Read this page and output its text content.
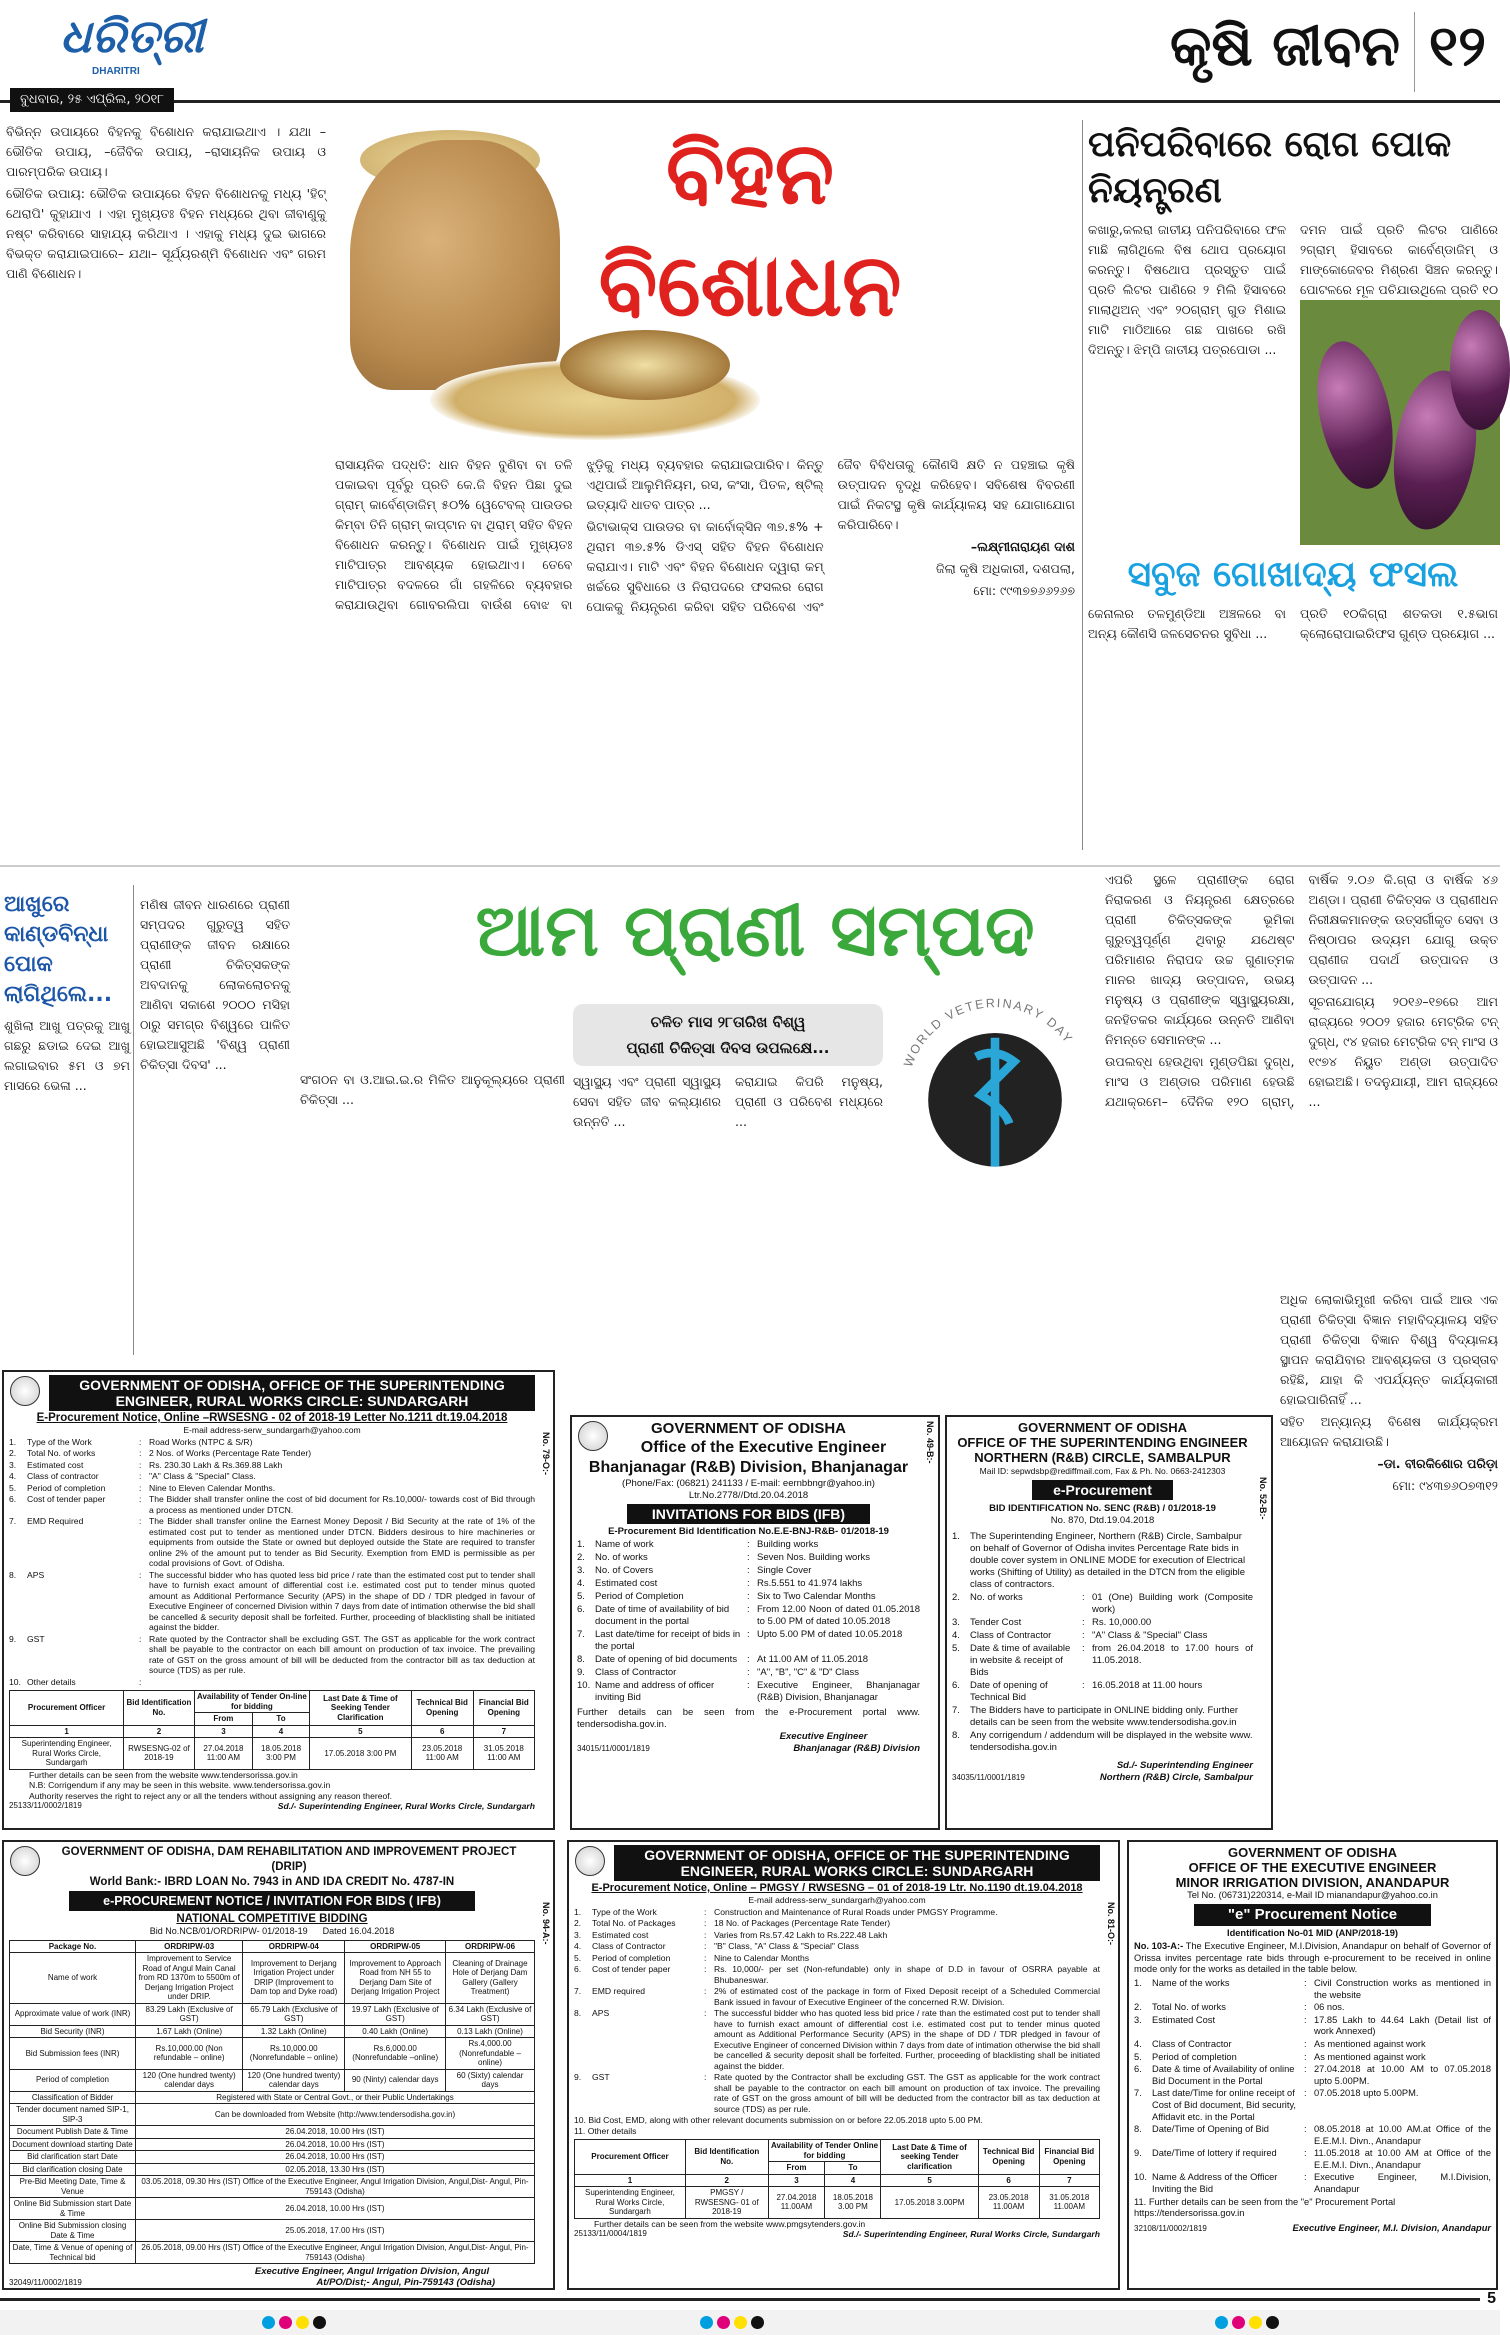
ଧରିତ୍ରୀ
DHARITRI
ବୁଧବାର, ୨୫ ଏପ୍ରିଲ, ୨୦୧୮
କୃଷି ଜୀବନ ୧୨

ବିଭିନ୍ନ ଉପାୟରେ ବିହନକୁ ବିଶୋଧନ କରାଯାଇଥାଏ । ଯଥା –ଭୌତିକ ଉପାୟ, –ଜୈବିକ ଉପାୟ, –ରାସାୟନିକ ଉପାୟ ଓ ପାରମ୍ପରିକ ଉପାୟ।

ଭୌତିକ ଉପାୟ: ଭୌତିକ ଉପାୟରେ ବିହନ ବିଶୋଧନକୁ ମଧ୍ୟ 'ହିଟ୍ ଥେରାପି' କୁହାଯାଏ । ଏହା ମୁଖ୍ୟତଃ ବିହନ ମଧ୍ୟରେ ଥିବା ଜୀବାଣୁକୁ ନଷ୍ଟ କରିବାରେ ସାହାଯ୍ୟ କରିଥାଏ । ଏହାକୁ ମଧ୍ୟ ଦୁଇ ଭାଗରେ ବିଭକ୍ତ କରାଯାଇପାରେ– ଯଥା– ସୂର୍ଯ୍ୟରଶ୍ମି ବିଶୋଧନ ଏବଂ ଗରମ ପାଣି ବିଶୋଧନ।

ବିହନ
ବିଶୋଧନ

ରାସାୟନିକ ପଦ୍ଧତି: ଧାନ ବିହନ ବୁଣିବା ବା ତଳି ପକାଇବା ପୂର୍ବରୁ ପ୍ରତି କେ.ଜି ବିହନ ପିଛା ଦୁଇ ଗ୍ରାମ୍ କାର୍ବେଣ୍ଡାଜିମ୍ ୫୦% ୱେଟେବଲ୍ ପାଉଡର କିମ୍ବା ତିନି ଗ୍ରାମ୍ କାପ୍ଟାନ ବା ଥିରାମ୍ ସହିତ ବିହନ ବିଶୋଧନ କରନ୍ତୁ। ବିଶୋଧନ ପାଇଁ ମୁଖ୍ୟତଃ ମାଟିପାତ୍ର ଆବଶ୍ୟକ ହୋଇଥାଏ। ତେବେ ମାଟିପାତ୍ର ବଦଳରେ ଗାଁ ଗହଳିରେ ବ୍ୟବହାର କରାଯାଉଥିବା ଗୋବରଲିପା ବାଉଁଶ ବୋଝ ବା ଝୁଡ଼ିକୁ ମଧ୍ୟ ବ୍ୟବହାର କରାଯାଇପାରିବ। କିନ୍ତୁ ଏଥିପାଇଁ ଆଲୁମିନିୟମ, ରସ, କଂସା, ପିତଳ, ଷ୍ଟିଲ୍ ଇତ୍ୟାଦି ଧାତବ ପାତ୍ର ...

ଭିଟାଭାକ୍ସ ପାଉଡର ବା କାର୍ବୋକ୍ସିନ ୩୭.୫% + ଥିରାମ ୩୭.୫% ଡିଏସ୍ ସହିତ ବିହନ ବିଶୋଧନ କରାଯାଏ। ମାଟି ଏବଂ ବିହନ ବିଶୋଧନ ଦ୍ୱାରା କମ୍ ଖର୍ଚ୍ଚରେ ସୁବିଧାରେ ଓ ନିରାପଦରେ ଫସଲର ରୋଗ ପୋକକୁ ନିୟନ୍ତ୍ରଣ କରିବା ସହିତ ପରିବେଶ ଏବଂ ଜୈବ ବିବିଧତାକୁ କୌଣସି କ୍ଷତି ନ ପହଞ୍ଚାଇ କୃଷି ଉତ୍ପାଦନ ବୃଦ୍ଧି କରିହେବ। ସବିଶେଷ ବିବରଣୀ ପାଇଁ ନିକଟସ୍ଥ କୃଷି କାର୍ଯ୍ୟାଳୟ ସହ ଯୋଗାଯୋଗ କରିପାରିବେ।

–ଲକ୍ଷ୍ମୀନାରାୟଣ ଦାଶ

ଜିଲା କୃଷି ଅଧିକାରୀ, ଦଶପଲା,

ମୋ: ୯୯୩୭୭୬୬୨୬୭

ପନିପରିବାରେ ରୋଗ ପୋକ ନିୟନ୍ତ୍ରଣ

କଖାରୁ,କଲରା ଜାତୀୟ ପନିପରିବାରେ ଫଳ ମାଛି ଲାଗିଥିଲେ ବିଷ ଥୋପ ପ୍ରୟୋଗ କରନ୍ତୁ। ବିଷଥୋପ ପ୍ରସ୍ତୁତ ପାଇଁ ପ୍ରତି ଲିଟର ପାଣିରେ ୨ ମିଲି ହିସାବରେ ମାଲାଥିଅନ୍ ଏବଂ ୨୦ଗ୍ରାମ୍ ଗୁଡ ମିଶାଇ ମାଟି ମାଠିଆରେ ଗଛ ପାଖରେ ରଖି ଦିଅନ୍ତୁ। ଝିମ୍ପି ଜାତୀୟ ପତ୍ରପୋଡା ...

ଦମନ ପାଇଁ ପ୍ରତି ଲିଟର ପାଣିରେ ୨ଗ୍ରାମ୍ ହିସାବରେ କାର୍ବେଣ୍ଡାଜିମ୍ ଓ ମାଙ୍କୋଜେବର ମିଶ୍ରଣ ସିଞ୍ଚନ କରନ୍ତୁ। ପୋଟଳରେ ମୂଳ ପଚିଯାଉଥିଲେ ପ୍ରତି ୧୦

ସବୁଜ ଗୋଖାଦ୍ୟ ଫସଲ

କେନାଲର ତଳମୁଣ୍ଡିଆ ଅଞ୍ଚଳରେ ବା ଅନ୍ୟ କୌଣସି ଜଳସେଚନର ସୁବିଧା ...

ପ୍ରତି ୧୦କିଗ୍ରା ଶତକଡା ୧.୫ଭାଗ କ୍ଲୋରୋପାଇରିଫସ ଗୁଣ୍ଡ ପ୍ରୟୋଗ ...

ଆଖୁରେ କାଣ୍ଡବିନ୍ଧା ପୋକ ଲାଗିଥିଲେ...

ଶୁଖିଲା ଆଖୁ ପତ୍ରକୁ ଆଖୁ ଗଛରୁ ଛଡାଇ ଦେଇ ଆଖୁ ଲଗାଇବାର ୫ମ ଓ ୭ମ ମାସରେ ଭେଳା ...

ମଣିଷ ଜୀବନ ଧାରଣରେ ପ୍ରାଣୀ ସମ୍ପଦର ଗୁରୁତ୍ୱ ସହିତ ପ୍ରାଣୀଙ୍କ ଜୀବନ ରକ୍ଷାରେ ପ୍ରାଣୀ ଚିକିତ୍ସକଙ୍କ ଅବଦାନକୁ ଲୋକଲୋଚନକୁ ଆଣିବା ସକାଶେ ୨୦୦୦ ମସିହା ଠାରୁ ସମଗ୍ର ବିଶ୍ୱରେ ପାଳିତ ହୋଇଆସୁଅଛି 'ବିଶ୍ୱ ପ୍ରାଣୀ ଚିକିତ୍ସା ଦିବସ' ...

ଆମ ପ୍ରାଣୀ ସମ୍ପଦ

ସଂଗଠନ ବା ଓ.ଆଇ.ଇ.ର ମିଳିତ ଆନୁକୂଲ୍ୟରେ ପ୍ରାଣୀ ଚିକିତ୍ସା ...

ଚଳିତ ମାସ ୨୮ତାରିଖ ବିଶ୍ୱ
ପ୍ରାଣୀ ଚିକିତ୍ସା ଦିବସ ଉପଲକ୍ଷେ...

ସ୍ୱାସ୍ଥ୍ୟ ଏବଂ ପ୍ରାଣୀ ସ୍ୱାସ୍ଥ୍ୟ ସେବା ସହିତ ଜୀବ କଲ୍ୟାଣର ଉନ୍ନତି ...

କରାଯାଇ କିପରି ମନୁଷ୍ୟ, ପ୍ରାଣୀ ଓ ପରିବେଶ ମଧ୍ୟରେ ...

WORLD VETERINARY DAY

ଏପରି ସ୍ଥଳେ ପ୍ରାଣୀଙ୍କ ରୋଗ ନିରାକରଣ ଓ ନିୟନ୍ତ୍ରଣ କ୍ଷେତ୍ରରେ ପ୍ରାଣୀ ଚିକିତ୍ସକଙ୍କ ଭୂମିକା ଗୁରୁତ୍ୱପୂର୍ଣ୍ଣ ଥିବାରୁ ଯଥେଷ୍ଟ ପରିମାଣର ନିରାପଦ ଉଚ୍ଚ ଗୁଣାତ୍ମକ ମାନର ଖାଦ୍ୟ ଉତ୍ପାଦନ, ଉଭୟ ମନୁଷ୍ୟ ଓ ପ୍ରାଣୀଙ୍କ ସ୍ୱାସ୍ଥ୍ୟରକ୍ଷା, ଜନହିତକର କାର୍ଯ୍ୟରେ ଉନ୍ନତି ଆଣିବା ନିମନ୍ତେ ସେମାନଙ୍କ ...

ଉପଲବ୍ଧ ହେଉଥିବା ମୁଣ୍ଡପିଛା ଦୁଗ୍ଧ, ମାଂସ ଓ ଅଣ୍ଡାର ପରିମାଣ ହେଉଛି ଯଥାକ୍ରମେ– ଦୈନିକ ୧୨୦ ଗ୍ରାମ୍, ବାର୍ଷିକ ୨.୦୬ କି.ଗ୍ରା ଓ ବାର୍ଷିକ ୪୬ ଅଣ୍ଡା। ପ୍ରାଣୀ ଚିକିତ୍ସକ ଓ ପ୍ରାଣୀଧନ ନିରୀକ୍ଷକମାନଙ୍କ ଉତ୍ସର୍ଗୀକୃତ ସେବା ଓ ନିଷ୍ଠାପର ଉଦ୍ୟମ ଯୋଗୁ ଉକ୍ତ ପ୍ରାଣୀଜ ପଦାର୍ଥ ଉତ୍ପାଦନ ଓ ଉତ୍ପାଦନ ...

ସୂଚନାଯୋଗ୍ୟ ୨୦୧୬–୧୭ରେ ଆମ ରାଜ୍ୟରେ ୨୦୦୨ ହଜାର ମେଟ୍ରିକ ଟନ୍ ଦୁଗ୍ଧ, ୯୪ ହଜାର ମେଟ୍ରିକ ଟନ୍ ମାଂସ ଓ ୧୯୭୪ ନିୟୁତ ଅଣ୍ଡା ଉତ୍ପାଦିତ ହୋଇଅଛି। ତଦନୁଯାୟୀ, ଆମ ରାଜ୍ୟରେ ...

ଅଧିକ ଲୋକାଭିମୁଖୀ କରିବା ପାଇଁ ଆଉ ଏକ ପ୍ରାଣୀ ଚିକିତ୍ସା ବିଜ୍ଞାନ ମହାବିଦ୍ୟାଳୟ ସହିତ ପ୍ରାଣୀ ଚିକିତ୍ସା ବିଜ୍ଞାନ ବିଶ୍ୱ ବିଦ୍ୟାଳୟ ସ୍ଥାପନ କରାଯିବାର ଆବଶ୍ୟକତା ଓ ପ୍ରସ୍ତାବ ରହିଛି, ଯାହା କି ଏପର୍ଯ୍ୟନ୍ତ କାର୍ଯ୍ୟକାରୀ ହୋଇପାରିନାହିଁ ...

ସହିତ ଅନ୍ୟାନ୍ୟ ବିଶେଷ କାର୍ଯ୍ୟକ୍ରମ ଆୟୋଜନ କରାଯାଉଛି।

–ଡା. ବୀରକିଶୋର ପରିଡ଼ା

ମୋ: ୯୪୩୭୬୦୭୩୧୨

GOVERNMENT OF ODISHA, OFFICE OF THE SUPERINTENDING ENGINEER, RURAL WORKS CIRCLE: SUNDARGARH
E-Procurement Notice, Online –RWSESNG - 02 of 2018-19 Letter No.1211 dt.19.04.2018
E-mail address-serw_sundargarh@yahoo.com
No. 79-O:-
1.	Type of the Work	: Road Works (NTPC & S/R)
2.	Total No. of works	: 2 Nos. of Works (Percentage Rate Tender)
3.	Estimated cost	: Rs. 230.30 Lakh & Rs.369.88 Lakh
4.	Class of contractor	: "A" Class & "Special" Class.
5.	Period of completion	: Nine to Eleven Calendar Months.
6.	Cost of tender paper	: The Bidder shall transfer online the cost of bid document for Rs.10,000/- towards cost of Bid through a process as mentioned under DTCN.
7.	EMD Required	: The Bidder shall transfer online the Earnest Money Deposit / Bid Security at the rate of 1% of the estimated cost put to tender as mentioned under DTCN. Bidders desirous to hire machineries or equipments from outside the State or owned but deployed outside the State are required to transfer online 2% of the amount put to tender as Bid Security. Exemption from EMD is permissible as per codal provisions of Govt. of Odisha.
8.	APS	: The successful bidder who has quoted less bid price / rate than the estimated cost put to tender shall have to furnish exact amount of differential cost i.e. estimated cost put to tender minus quoted amount as Additional Performance Security (APS) in the shape of DD / TDR pledged in favour of Executive Engineer of concerned Division within 7 days from date of intimation otherwise the bid shall be cancelled & security deposit shall be forfeited. Further, proceeding of blacklisting shall be initiated against the bidder.
9.	GST	: Rate quoted by the Contractor shall be excluding GST. The GST as applicable for the work contract shall be payable to the contractor on each bill amount on production of tax invoice. The prevailing rate of GST on the gross amount of bill will be deducted from the contractor bill as tax deduction at source (TDS) as per rule.
10. Other details	:
Procurement Officer	Bid Identification No.	Availability of Tender On-line for bidding		Last Date & Time of Seeking Tender Clarification	Technical Bid Opening	Financial Bid Opening
		From	To			
1	2	3	4	5	6	7
Superintending Engineer, Rural Works Circle, Sundargarh	RWSESNG-02 of 2018-19	27.04.2018 11:00 AM	18.05.2018 3:00 PM	17.05.2018 3:00 PM	23.05.2018 11:00 AM	31.05.2018 11:00 AM
Further details can be seen from the website www.tendersorissa.gov.in
N.B: Corrigendum if any may be seen in this website. www.tendersorissa.gov.in
Authority reserves the right to reject any or all the tenders without assigning any reason thereof.
25133/11/0002/1819	Sd./- Superintending Engineer, Rural Works Circle, Sundargarh
GOVERNMENT OF ODISHA
Office of the Executive Engineer
Bhanjanagar (R&B) Division, Bhanjanagar
(Phone/Fax: (06821) 241133 / E-mail: eernbbngr@yahoo.in)
Ltr.No.2778//Dtd.20.04.2018
INVITATIONS FOR BIDS (IFB)
E-Procurement Bid Identification No.E.E-BNJ-R&B- 01/2018-19
No. 49-B:-
1.	Name of work	: Building works
2.	No. of works	: Seven Nos. Building works
3.	No. of Covers	: Single Cover
4.	Estimated cost	: Rs.5.551 to 41.974 lakhs
5.	Period of Completion	: Six to Two Calendar Months
6.	Date of time of availability of bid document in the portal
: From 12.00 Noon of dated 01.05.2018 to 5.00 PM of dated 10.05.2018
7.	Last date/time for receipt of bids in the portal
: Upto 5.00 PM of dated 10.05.2018
8.	Date of opening of bid documents	: At 11.00 AM of 11.05.2018
9.	Class of Contractor	: "A", "B", "C" & "D" Class
10. Name and address of officer inviting Bid
: Executive Engineer, Bhanjanagar (R&B) Division, Bhanjanagar
Further details can be seen from the e-Procurement portal www. tendersodisha.gov.in.
Executive Engineer
34015/11/0001/1819	Bhanjanagar (R&B) Division
GOVERNMENT OF ODISHA
OFFICE OF THE SUPERINTENDING ENGINEER
NORTHERN (R&B) CIRCLE, SAMBALPUR
Mail ID: sepwdsbp@rediffmail.com, Fax & Ph. No. 0663-2412303
e-Procurement
BID IDENTIFICATION No. SENC (R&B) / 01/2018-19
No. 870, Dtd.19.04.2018
No. 52-B:-
1.	The Superintending Engineer, Northern (R&B) Circle, Sambalpur on behalf of Governor of Odisha invites Percentage Rate bids in double cover system in ONLINE MODE for execution of Electrical works (Shifting of Utility) as detailed in the DTCN from the eligible class of contractors.
2.	No. of works	: 01 (One) Building work (Composite work)
3.	Tender Cost	: Rs. 10,000.00
4.	Class of Contractor	: "A" Class & "Special" Class
5.	Date & time of available in website & receipt of Bids
: from 26.04.2018 to 17.00 hours of 11.05.2018.
6.	Date of opening of Technical Bid
: 16.05.2018 at 11.00 hours
7.	The Bidders have to participate in ONLINE bidding only. Further details can be seen from the website www.tendersodisha.gov.in
8.	Any corrigendum / addendum will be displayed in the website www. tendersodisha.gov.in
Sd./- Superintending Engineer
34035/11/0001/1819	Northern (R&B) Circle, Sambalpur
GOVERNMENT OF ODISHA, DAM REHABILITATION AND IMPROVEMENT PROJECT (DRIP)
World Bank:- IBRD LOAN No. 7943 in AND IDA CREDIT No. 4787-IN
e-PROCUREMENT NOTICE / INVITATION FOR BIDS ( IFB)
NATIONAL COMPETITIVE BIDDING
Bid No.NCB/01/ORDRIPW- 01/2018-19 Dated 16.04.2018	No. 94-A:-
Package No.	ORDRIPW-03	ORDRIPW-04	ORDRIPW-05	ORDRIPW-06
Name of work	Improvement to Service Road of Angul Main Canal from RD 1370m to 5500m of Derjang Irrigation Project under DRIP.	Improvement to Derjang Irrigation Project under DRIP (Improvement to Dam top and Dyke road)	Improvement to Approach Road from NH 55 to Derjang Dam Site of Derjang Irrigation Project	Cleaning of Drainage Hole of Derjang Dam Gallery (Gallery Treatment)
Approximate value of work (INR)	83.29 Lakh (Exclusive of GST)	65.79 Lakh (Exclusive of GST)	19.97 Lakh (Exclusive of GST)	6.34 Lakh (Exclusive of GST)
Bid Security (INR)	1.67 Lakh (Online)	1.32 Lakh (Online)	0.40 Lakh (Online)	0.13 Lakh (Online)
Bid Submission fees (INR)	Rs.10,000.00 (Non refundable – online)	Rs.10,000.00 (Nonrefundable – online)	Rs.6,000.00 (Nonrefundable –online)	Rs.4,000.00 (Nonrefundable –online)
Period of completion	120 (One hundred twenty) calendar days	120 (One hundred twenty) calendar days	90 (Ninty) calendar days	60 (Sixty) calendar days
Classification of Bidder	Registered with State or Central Govt., or their Public Undertakings			
Tender document named SIP-1, SIP-3	Can be downloaded from Website (http://www.tendersodisha.gov.in)			
Document Publish Date & Time	26.04.2018, 10.00 Hrs (IST)			
Document download starting Date	26.04.2018, 10.00 Hrs (IST)			
Bid clarification start Date	26.04.2018, 10.00 Hrs (IST)			
Bid clarification closing Date	02.05.2018, 13.30 Hrs (IST)			
Pre-Bid Meeting Date, Time & Venue	03.05.2018, 09.30 Hrs (IST) Office of the Executive Engineer, Angul Irrigation Division, Angul,Dist- Angul, Pin-759143 (Odisha)			
Online Bid Submission start Date & Time	26.04.2018, 10.00 Hrs (IST)			
Online Bid Submission closing Date & Time	25.05.2018, 17.00 Hrs (IST)			
Date, Time & Venue of opening of Technical bid	26.05.2018, 09.00 Hrs (IST) Office of the Executive Engineer, Angul Irrigation Division, Angul,Dist- Angul, Pin-759143 (Odisha)			
Executive Engineer, Angul Irrigation Division, Angul
32049/11/0002/1819	At/PO/Dist;- Angul, Pin-759143 (Odisha)
GOVERNMENT OF ODISHA, OFFICE OF THE SUPERINTENDING ENGINEER, RURAL WORKS CIRCLE: SUNDARGARH
E-Procurement Notice, Online – PMGSY / RWSESNG – 01 of 2018-19 Ltr. No.1190 dt.19.04.2018
E-mail address-serw_sundargarh@yahoo.com
No. 81-O:-
1.	Type of the Work	: Construction and Maintenance of Rural Roads under PMGSY Programme.
2.	Total No. of Packages	: 18 No. of Packages (Percentage Rate Tender)
3.	Estimated cost	: Varies from Rs.57.42 Lakh to Rs.222.48 Lakh
4.	Class of Contractor	: "B" Class, "A" Class & "Special" Class
5.	Period of completion	: Nine to Calendar Months
6.	Cost of tender paper	: Rs. 10,000/- per set (Non-refundable) only in shape of D.D in favour of OSRRA payable at Bhubaneswar.
7.	EMD required	: 2% of estimated cost of the package in form of Fixed Deposit receipt of a Scheduled Commercial Bank issued in favour of Executive Engineer of the concerned R.W. Division.
8.	APS	: The successful bidder who has quoted less bid price / rate than the estimated cost put to tender shall have to furnish exact amount of differential cost i.e. estimated cost put to tender minus quoted amount as Additional Performance Security (APS) in the shape of DD / TDR pledged in favour of Executive Engineer of concerned Division within 7 days from date of intimation otherwise the bid shall be cancelled & security deposit shall be forfeited. Further, proceeding of blacklisting shall be initiated against the bidder.
9.	GST	: Rate quoted by the Contractor shall be excluding GST. The GST as applicable for the work contract shall be payable to the contractor on each bill amount on production of tax invoice. The prevailing rate of GST on the gross amount of bill will be deducted from the contractor bill as tax deduction at source (TDS) as per rule.
10. Bid Cost, EMD, along with other relevant documents submission on or before 22.05.2018 upto 5.00 PM.
11. Other details
Procurement Officer	Bid Identification No.	Availability of Tender Online for bidding		Last Date & Time of seeking Tender clarification	Technical Bid Opening	Financial Bid Opening
		From	To			
1	2	3	4	5	6	7
Superintending Engineer, Rural Works Circle, Sundargarh	PMGSY / RWSESNG- 01 of 2018-19	27.04.2018 11.00AM	18.05.2018 3.00 PM	17.05.2018 3.00PM	23.05.2018 11.00AM	31.05.2018 11.00AM
Further details can be seen from the website www.pmgsytenders.gov.in
25133/11/0004/1819	Sd./- Superintending Engineer, Rural Works Circle, Sundargarh
GOVERNMENT OF ODISHA
OFFICE OF THE EXECUTIVE ENGINEER
MINOR IRRIGATION DIVISION, ANANDAPUR
Tel No. (06731)220314, e-Mail ID mianandapur@yahoo.co.in
"e" Procurement Notice
Identification No-01 MID (ANP/2018-19)
No. 103-A:- The Executive Engineer, M.I.Division, Anandapur on behalf of Governor of Orissa invites percentage rate bids through e-procurement to be received in online mode only for the works as detailed in the table below.
1.	Name of the works	: Civil Construction works as mentioned in the website
2.	Total No. of works	: 06 nos.
3.	Estimated Cost	: 17.85 Lakh to 44.64 Lakh (Detail list of work Annexed)
4.	Class of Contractor	: As mentioned against work
5.	Period of completion	: As mentioned against work
6.	Date & time of Availability of online Bid Document in the Portal
: 27.04.2018 at 10.00 AM to 07.05.2018 upto 5.00PM.
7.	Last date/Time for online receipt of Cost of Bid document, Bid security, Affidavit etc. in the Portal
: 07.05.2018 upto 5.00PM.
8.	Date/Time of Opening of Bid	: 08.05.2018 at 10.00 AM.at Office of the E.E.M.I. Divn., Anandapur
9.	Date/Time of lottery if required	: 11.05.2018 at 10.00 AM at Office of the E.E.M.I. Divn., Anandapur
10. Name & Address of the Officer Inviting the Bid
: Executive Engineer, M.I.Division, Anandapur
11. Further details can be seen from the "e" Procurement Portal https://tendersorissa.gov.in
32108/11/0002/1819	Executive Engineer, M.I. Division, Anandapur
5
